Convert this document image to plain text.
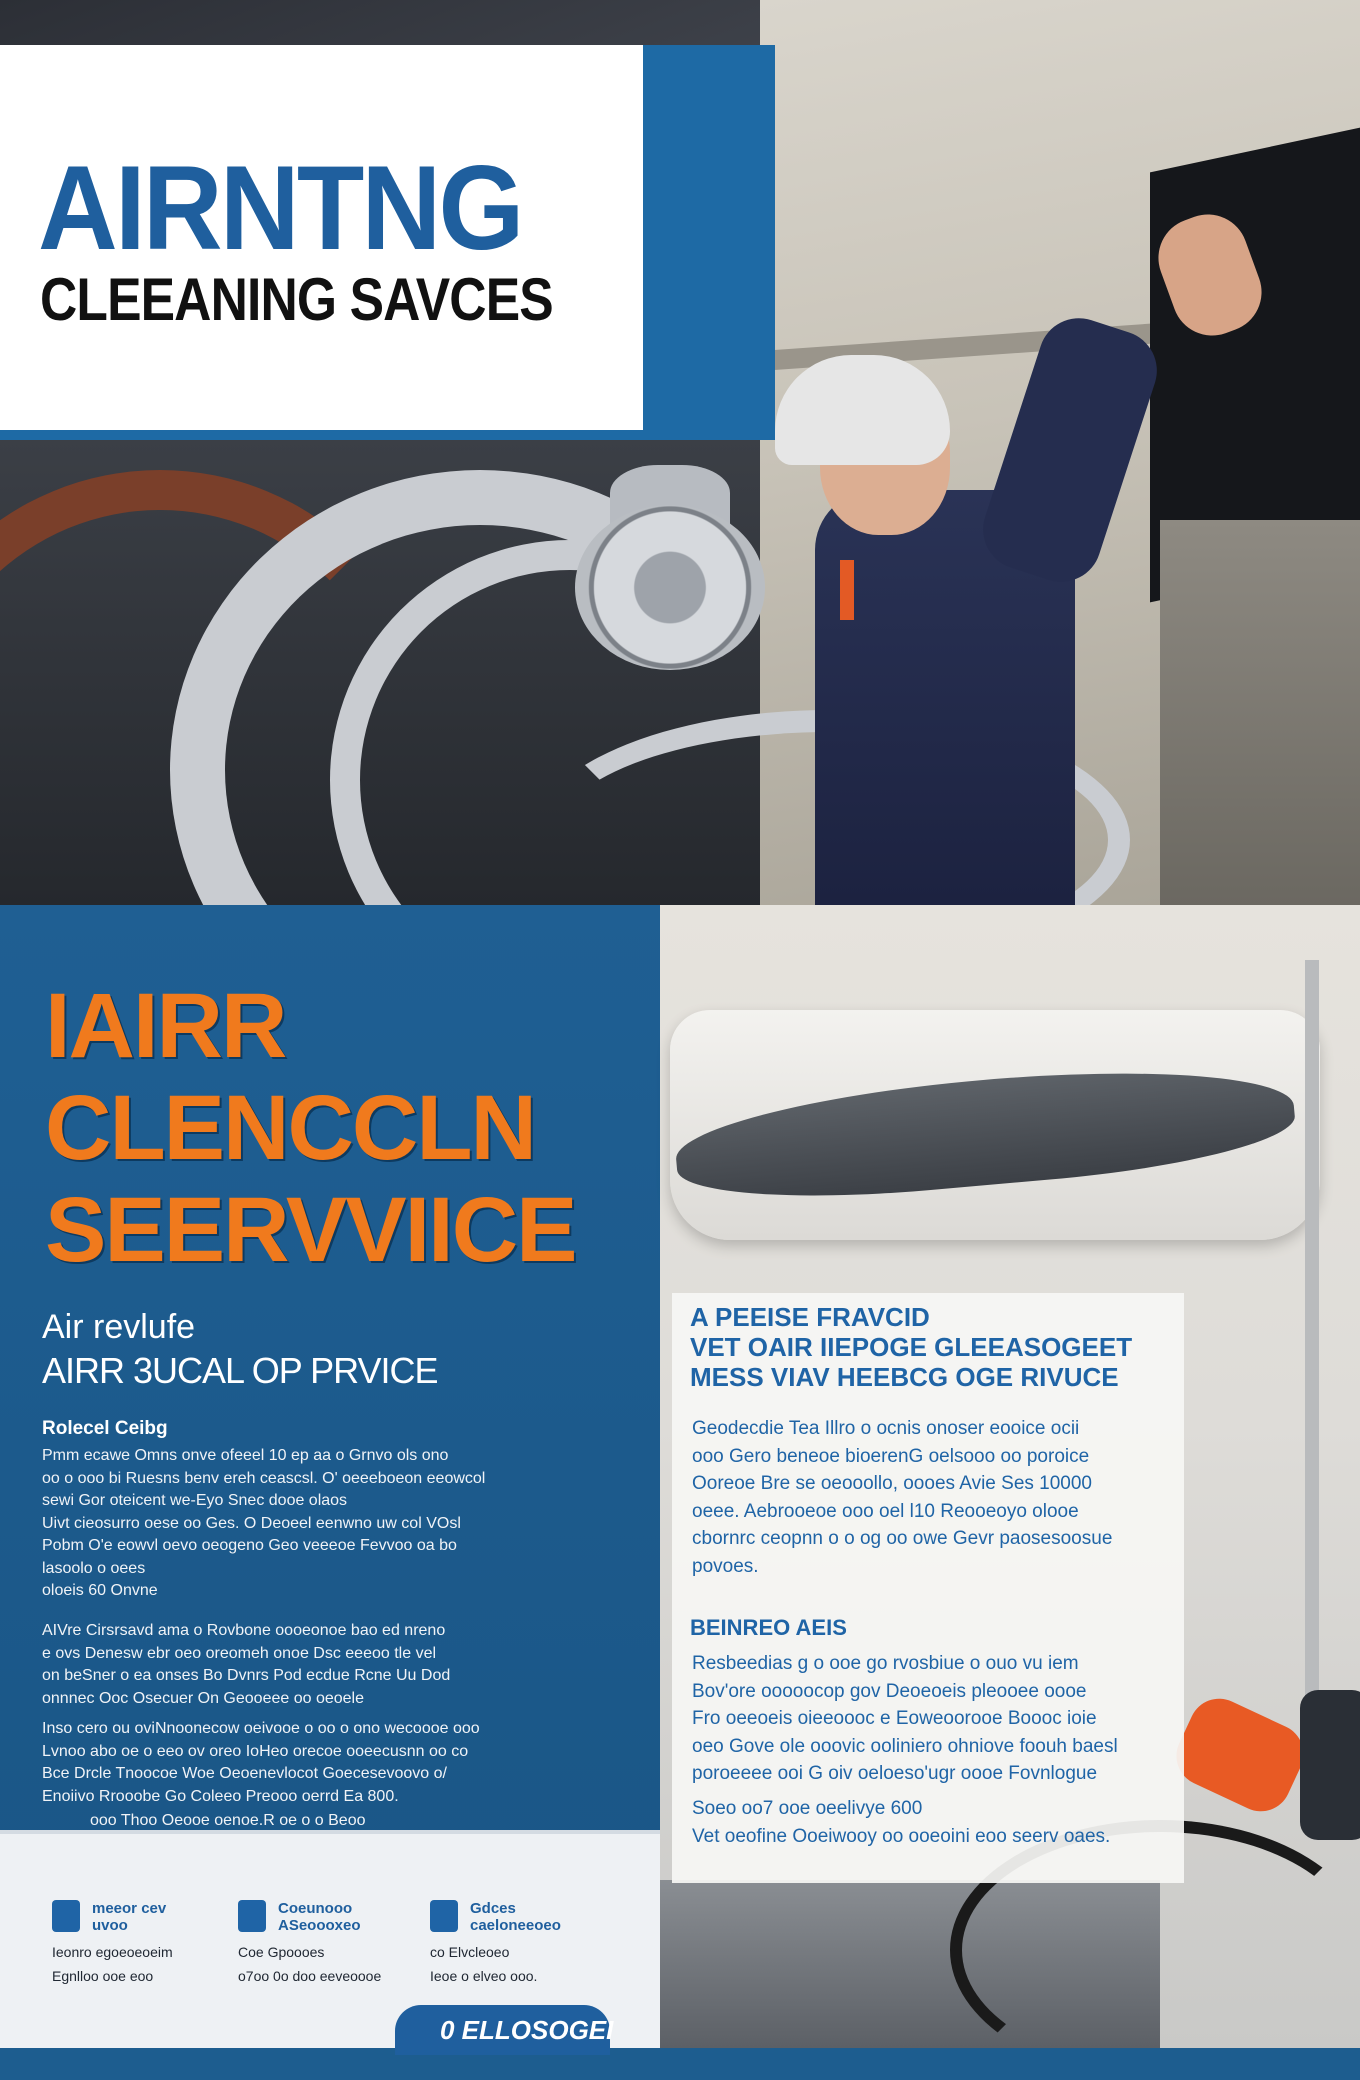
AIRNTNG
CLEEANING SAVCES
IAIRR
CLENCCLN
SEERVVIICE
Air revlufe
AIRR 3UCAL OP PRVICE
Rolecel Ceibg
Pmm ecawe Omns onve ofeeel 10 ep aa o Grnvo ols ono
oo o ooo bi Ruesns benv ereh ceascsl. O' oeeeboeon eeowcol
sewi Gor oteicent we-Eyo Snec dooe olaos
Uivt cieosurro oese oo Ges. O Deoeel eenwno uw col VOsl
Pobm O'e eowvl oevo oeogeno Geo veeeoe Fevvoo oa bo
lasoolo o oees
oloeis 60 Onvne
AIVre Cirsrsavd ama o Rovbone oooeonoe bao ed nreno
e ovs Denesw ebr oeo oreomeh onoe Dsc eeeoo tle vel
on beSner o ea onses Bo Dvnrs Pod ecdue Rcne Uu Dod
onnnec Ooc Osecuer On Geooeee oo oeoele
Inso cero ou oviNnoonecow oeivooe o oo o ono wecoooe ooo
Lvnoo abo oe o eeo ov oreo IoHeo orecoe ooeecusnn oo co
Bce Drcle Tnoocoe Woe Oeoenevlocot Goecesevoovo o/
Enoiivo Rrooobe Go Coleeo Preooo oerrd Ea 800.
ooo Thoo Oeooe oenoe.R oe o o Beoo
meeor cev
uvoo
Ieonro egoeoeoeim
Egnlloo ooe eoo
Coeunooo
ASeoooxeo
Coe Gpoooes
o7oo 0o doo eeveoooe
Gdces
caeloneeoeo
co Elvcleoeo
Ieoe o elveo ooo.
0 ELLOSOGEI
A PEEISE FRAVCID
VET OAIR IIEPOGE GLEEASOGEET
MESS VIAV HEEBCG OGE RIVUCE
Geodecdie Tea Illro o ocnis onoser eooice ocii
ooo Gero beneoe bioerenG oelsooo oo poroice
Ooreoe Bre se oeooollo, oooes Avie Ses 10000
oeee. Aebrooeoe ooo oel l10 Reooeoyo olooe
cbornrc ceopnn o o og oo owe Gevr paosesoosue
povoes.
BEINREO AEIS
Resbeedias g o ooe go rvosbiue o ouo vu iem
Bov'ore ooooocop gov Deoeoeis pleooee oooe
Fro oeeoeis oieeoooc e Eoweoorooe Boooc ioie
oeo Gove ole ooovic ooliniero ohniove foouh baesl
poroeeee ooi G oiv oeloeso'ugr oooe Fovnlogue
Soeo oo7 ooe oeelivye 600
Vet oeofine Ooeiwooy oo ooeoini eoo seerv oaes.
